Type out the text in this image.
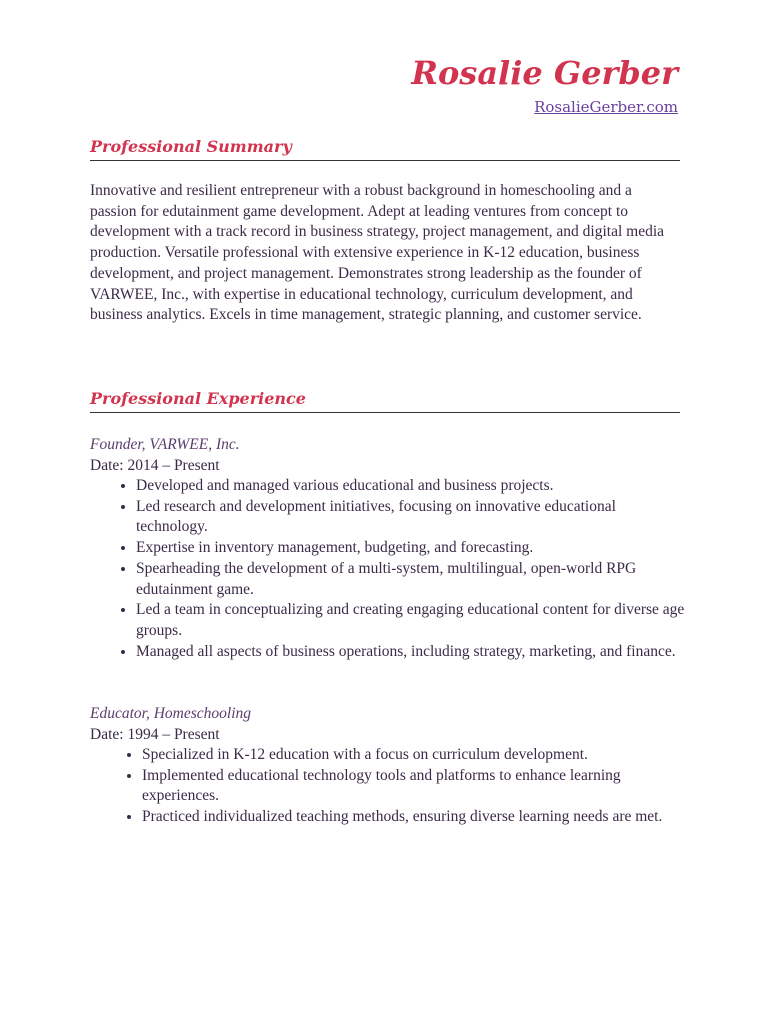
Rosalie Gerber
RosalieGerber.com
Professional Summary

Innovative and resilient entrepreneur with a robust background in homeschooling and a passion for edutainment game development. Adept at leading ventures from concept to development with a track record in business strategy, project management, and digital media production. Versatile professional with extensive experience in K-12 education, business development, and project management. Demonstrates strong leadership as the founder of VARWEE, Inc., with expertise in educational technology, curriculum development, and business analytics. Excels in time management, strategic planning, and customer service.

Professional Experience
Founder, VARWEE, Inc.
Date: 2014 – Present
• Developed and managed various educational and business projects.
• Led research and development initiatives, focusing on innovative educational technology.
• Expertise in inventory management, budgeting, and forecasting.
• Spearheading the development of a multi-system, multilingual, open-world RPG edutainment game.
• Led a team in conceptualizing and creating engaging educational content for diverse age groups.
• Managed all aspects of business operations, including strategy, marketing, and finance.
Educator, Homeschooling
Date: 1994 – Present
• Specialized in K-12 education with a focus on curriculum development.
• Implemented educational technology tools and platforms to enhance learning experiences.
• Practiced individualized teaching methods, ensuring diverse learning needs are met.
